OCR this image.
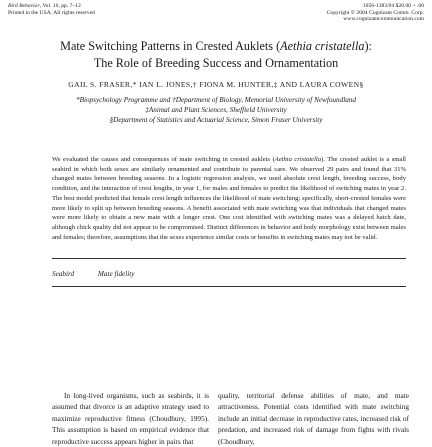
Bird Behavior, Vol. 16, pp. 7–12
Printed in the USA. All rights reserved
1056-1383/04 $20.00 + .00
Copyright © 2004 Cognizant Comm. Corp.
www.cognizantcommunication.com
Mate Switching Patterns in Crested Auklets (Aethia cristatella):
The Role of Breeding Success and Ornamentation
GAIL S. FRASER,* IAN L. JONES,† FIONA M. HUNTER,‡ AND LAURA COWEN§
*Biopsychology Programme and †Department of Biology, Memorial University of Newfoundland
‡Animal and Plant Sciences, Sheffield University
§Department of Statistics and Actuarial Science, Simon Fraser University
We evaluated the causes and consequences of mate switching in crested auklets (Aethia cristatella). The crested auklet is a small seabird in which both sexes are similarly ornamented and contribute to parental care. We observed 29 pairs and found that 31% changed mates between breeding seasons. In a logistic regression analysis, we used absolute crest length, breeding success, body condition, and the interaction of crest lengths, in year 1, for males and females to predict the likelihood of switching mates in year 2. The best model predicted that female crest length influences the likelihood of mate switching; specifically, short-crested females were more likely to split up between breeding seasons. A benefit associated with mate switching was that individuals that changed mates were more likely to obtain a new mate with a longer crest. One cost identified with switching mates was a delayed hatch date, although chick quality did not appear to be compromised. Distinct differences in behavior and body morphology exist between males and females; therefore, assumptions that the sexes experience similar costs or benefits in switching mates may not be valid.
Seabird	Mate fidelity
In long-lived organisms, such as seabirds, it is assumed that divorce is an adaptive strategy used to maximize reproductive fitness (Choudhury, 1995). This assumption is based on empirical evidence that reproductive success appears higher in pairs that
quality, territorial defense abilities of mate, and mate attractiveness. Potential costs identified with mate switching include an initial decrease in reproductive rates, increased risk of predation, and increased risk of damage from fights with rivals (Choudhury,
